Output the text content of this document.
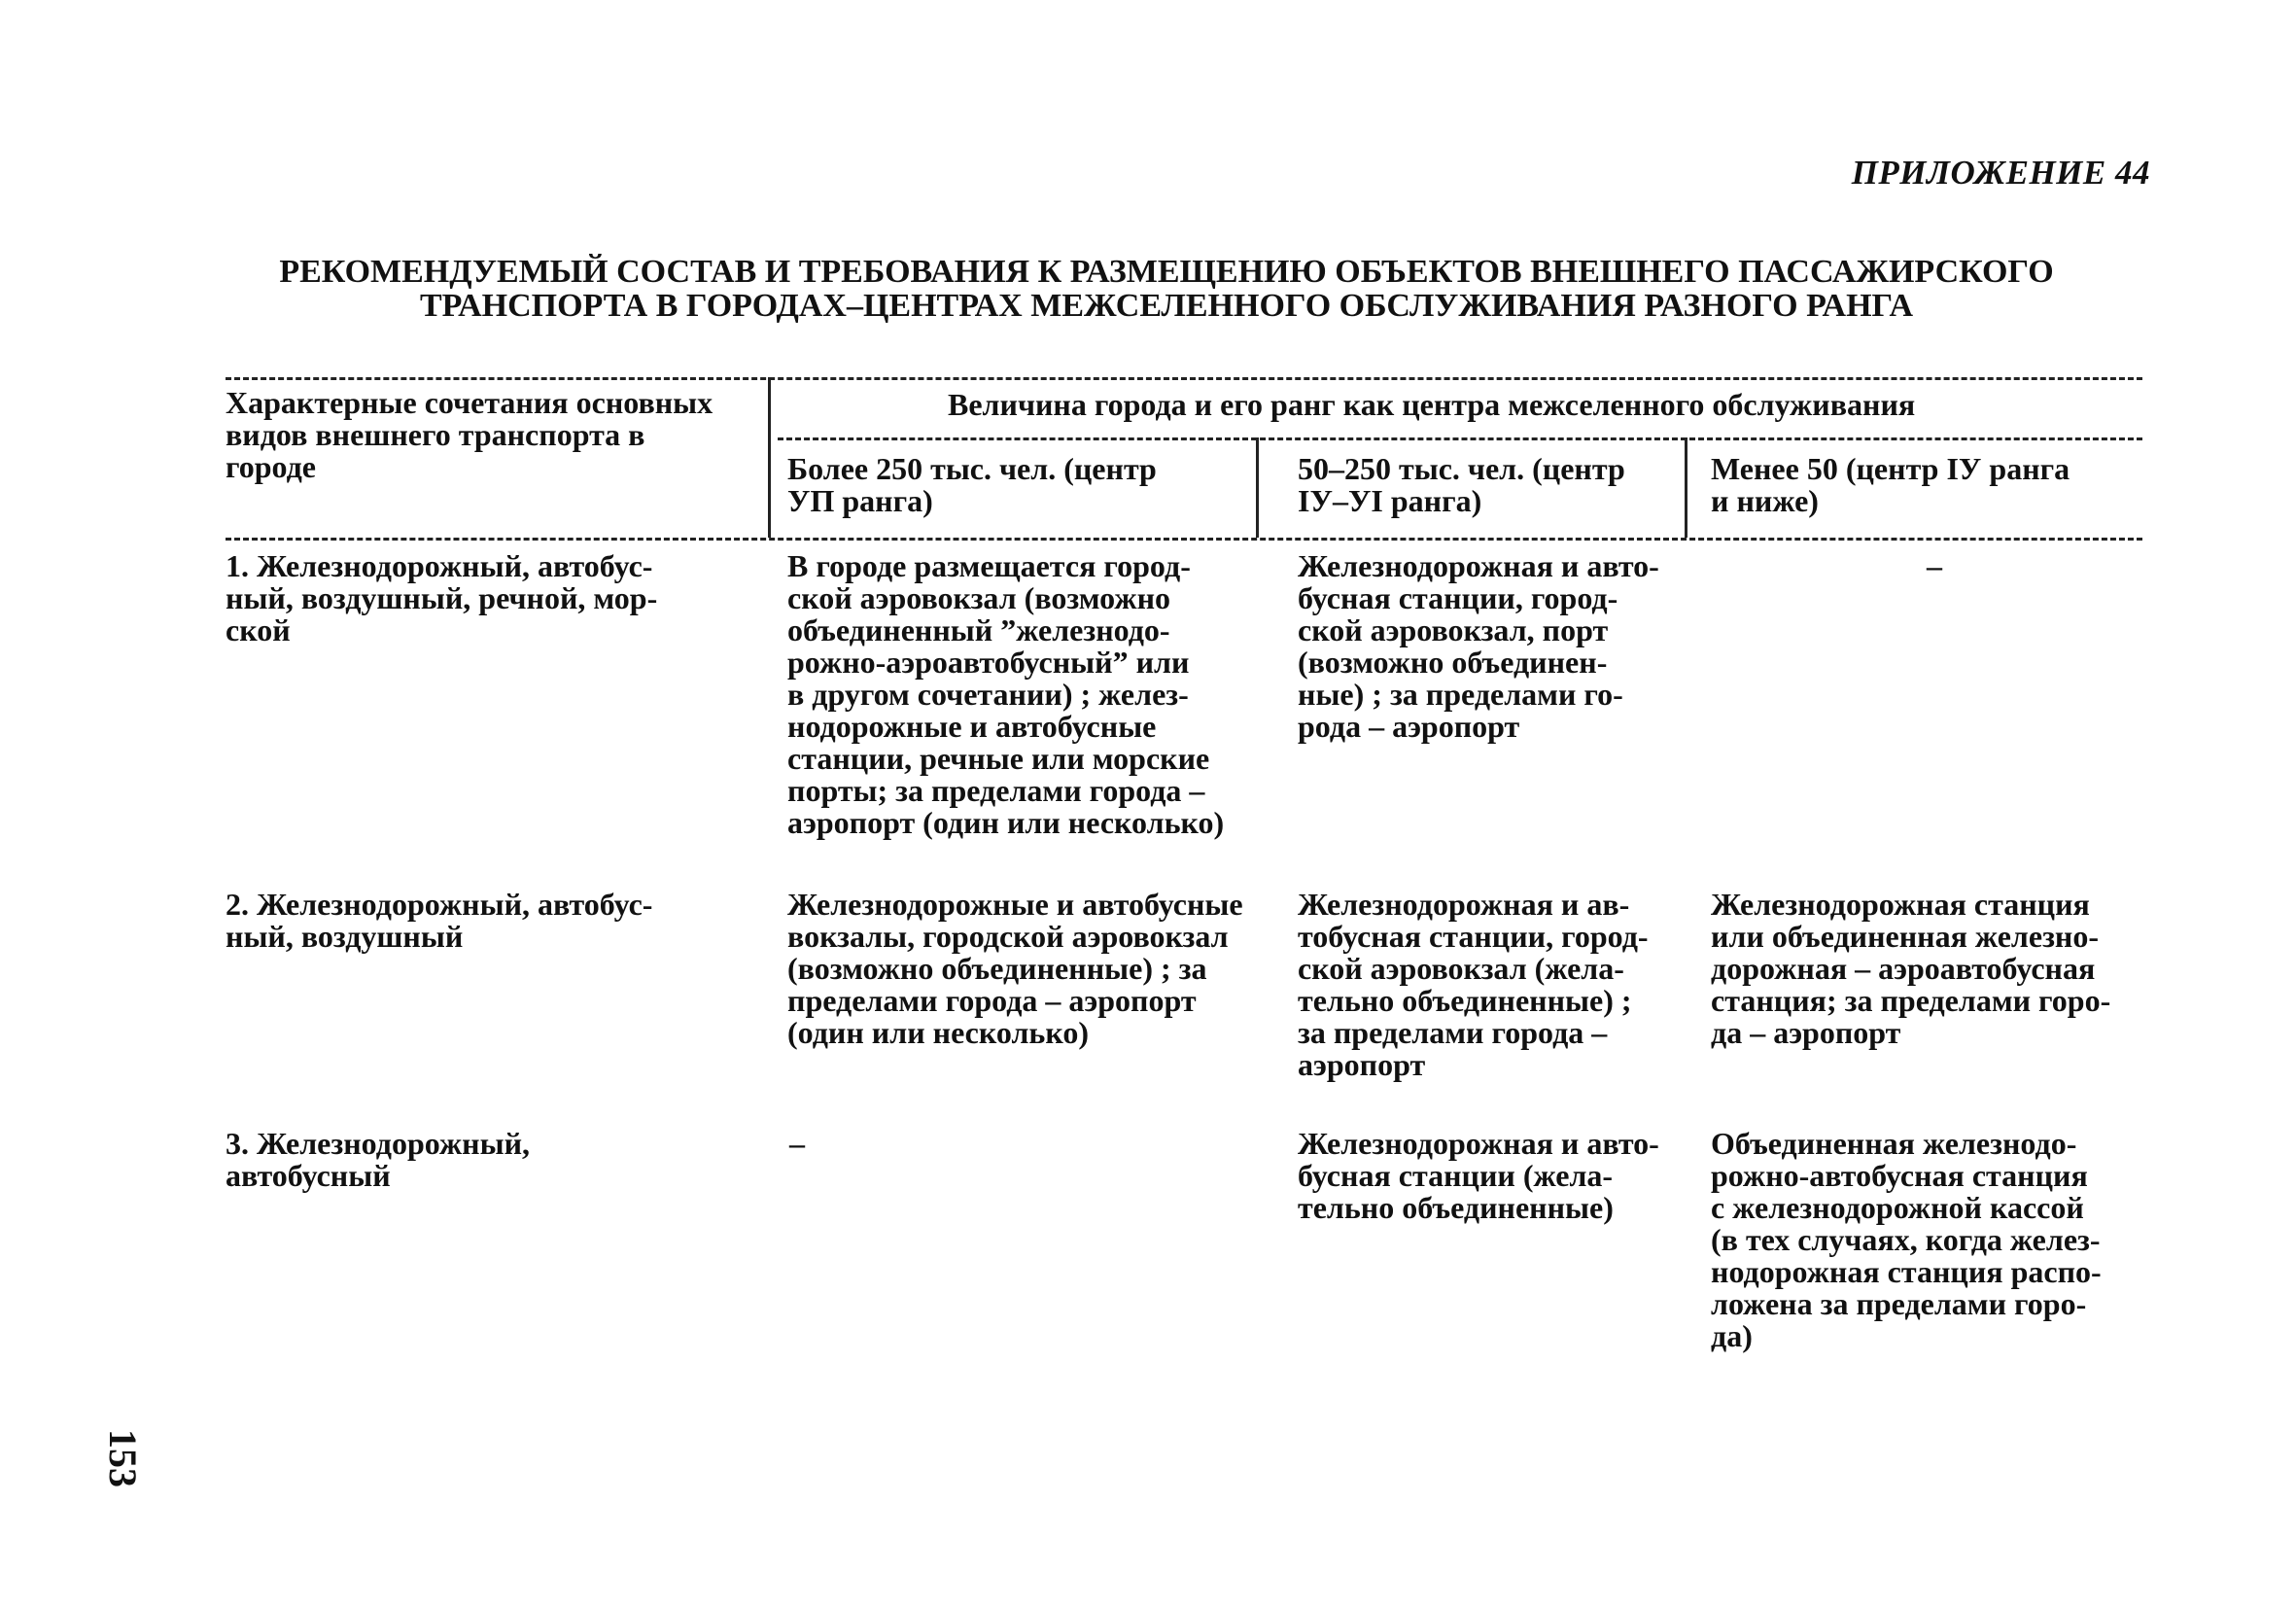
ПРИЛОЖЕНИЕ 44
РЕКОМЕНДУЕМЫЙ СОСТАВ И ТРЕБОВАНИЯ К РАЗМЕЩЕНИЮ ОБЪЕКТОВ ВНЕШНЕГО ПАССАЖИРСКОГО
ТРАНСПОРТА В ГОРОДАХ–ЦЕНТРАХ МЕЖСЕЛЕННОГО ОБСЛУЖИВАНИЯ РАЗНОГО РАНГА
Характерные сочетания основных
видов внешнего транспорта в
городе
Величина города и его ранг как центра межселенного обслуживания
Более 250 тыс. чел. (центр
УП ранга)
50–250 тыс. чел. (центр
IУ–УI ранга)
Менее 50 (центр IУ ранга
и ниже)
1. Железнодорожный, автобус-
ный, воздушный, речной, мор-
ской
В городе размещается город-
ской аэровокзал (возможно
объединенный ”железнодо-
рожно-аэроавтобусный” или
в другом сочетании) ; желез-
нодорожные и автобусные
станции, речные или морские
порты; за пределами города –
аэропорт (один или несколько)
Железнодорожная и авто-
бусная станции, город-
ской аэровокзал, порт
(возможно объединен-
ные) ; за пределами го-
рода – аэропорт
–
2. Железнодорожный, автобус-
ный, воздушный
Железнодорожные и автобусные
вокзалы, городской аэровокзал
(возможно объединенные) ; за
пределами города – аэропорт
(один или несколько)
Железнодорожная и ав-
тобусная станции, город-
ской аэровокзал (жела-
тельно объединенные) ;
за пределами города –
аэропорт
Железнодорожная станция
или объединенная железно-
дорожная – аэроавтобусная
станция; за пределами горо-
да – аэропорт
3. Железнодорожный,
автобусный
–	Железнодорожная и авто-
бусная станции (жела-
тельно объединенные)
Объединенная железнодо-
рожно-автобусная станция
с железнодорожной кассой
(в тех случаях, когда желез-
нодорожная станция распо-
ложена за пределами горо-
да)
153
